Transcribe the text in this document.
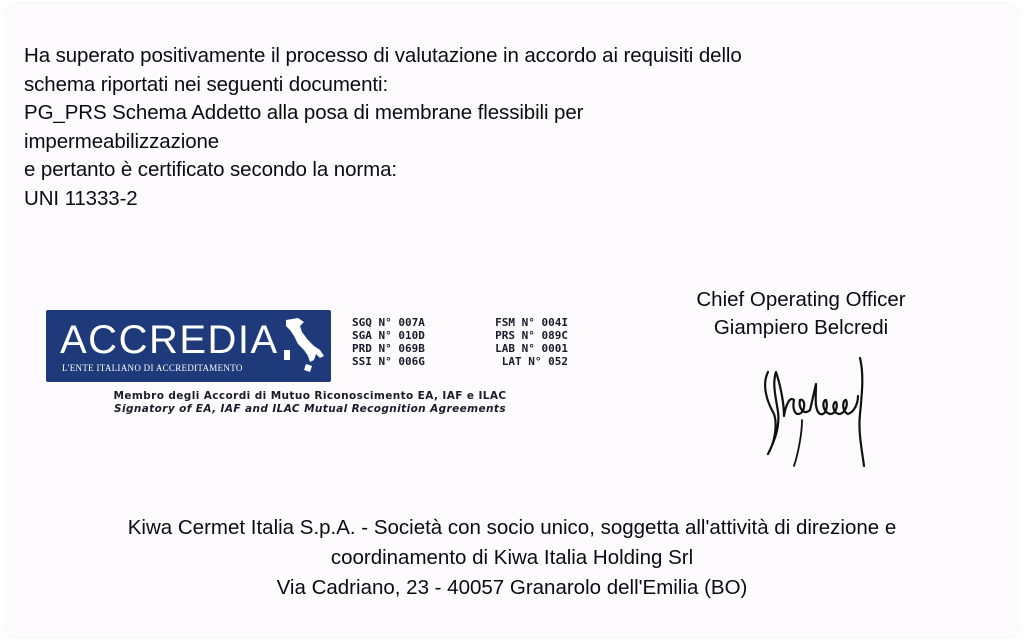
Ha superato positivamente il processo di valutazione in accordo ai requisiti dello
schema riportati nei seguenti documenti:
PG_PRS Schema Addetto alla posa di membrane flessibili per
impermeabilizzazione
e pertanto è certificato secondo la norma:
UNI 11333-2
ACCREDIA
L'ENTE ITALIANO DI ACCREDITAMENTO
SGQ N° 007A
SGA N° 010D
PRD N° 069B
SSI N° 006G
FSM N° 004I
PRS N° 089C
LAB N° 0001
LAT N° 052
Membro degli Accordi di Mutuo Riconoscimento EA, IAF e ILAC
Signatory of EA, IAF and ILAC Mutual Recognition Agreements
Chief Operating Officer
Giampiero Belcredi
Kiwa Cermet Italia S.p.A. - Società con socio unico, soggetta all'attività di direzione e
coordinamento di Kiwa Italia Holding Srl
Via Cadriano, 23 - 40057 Granarolo dell'Emilia (BO)
